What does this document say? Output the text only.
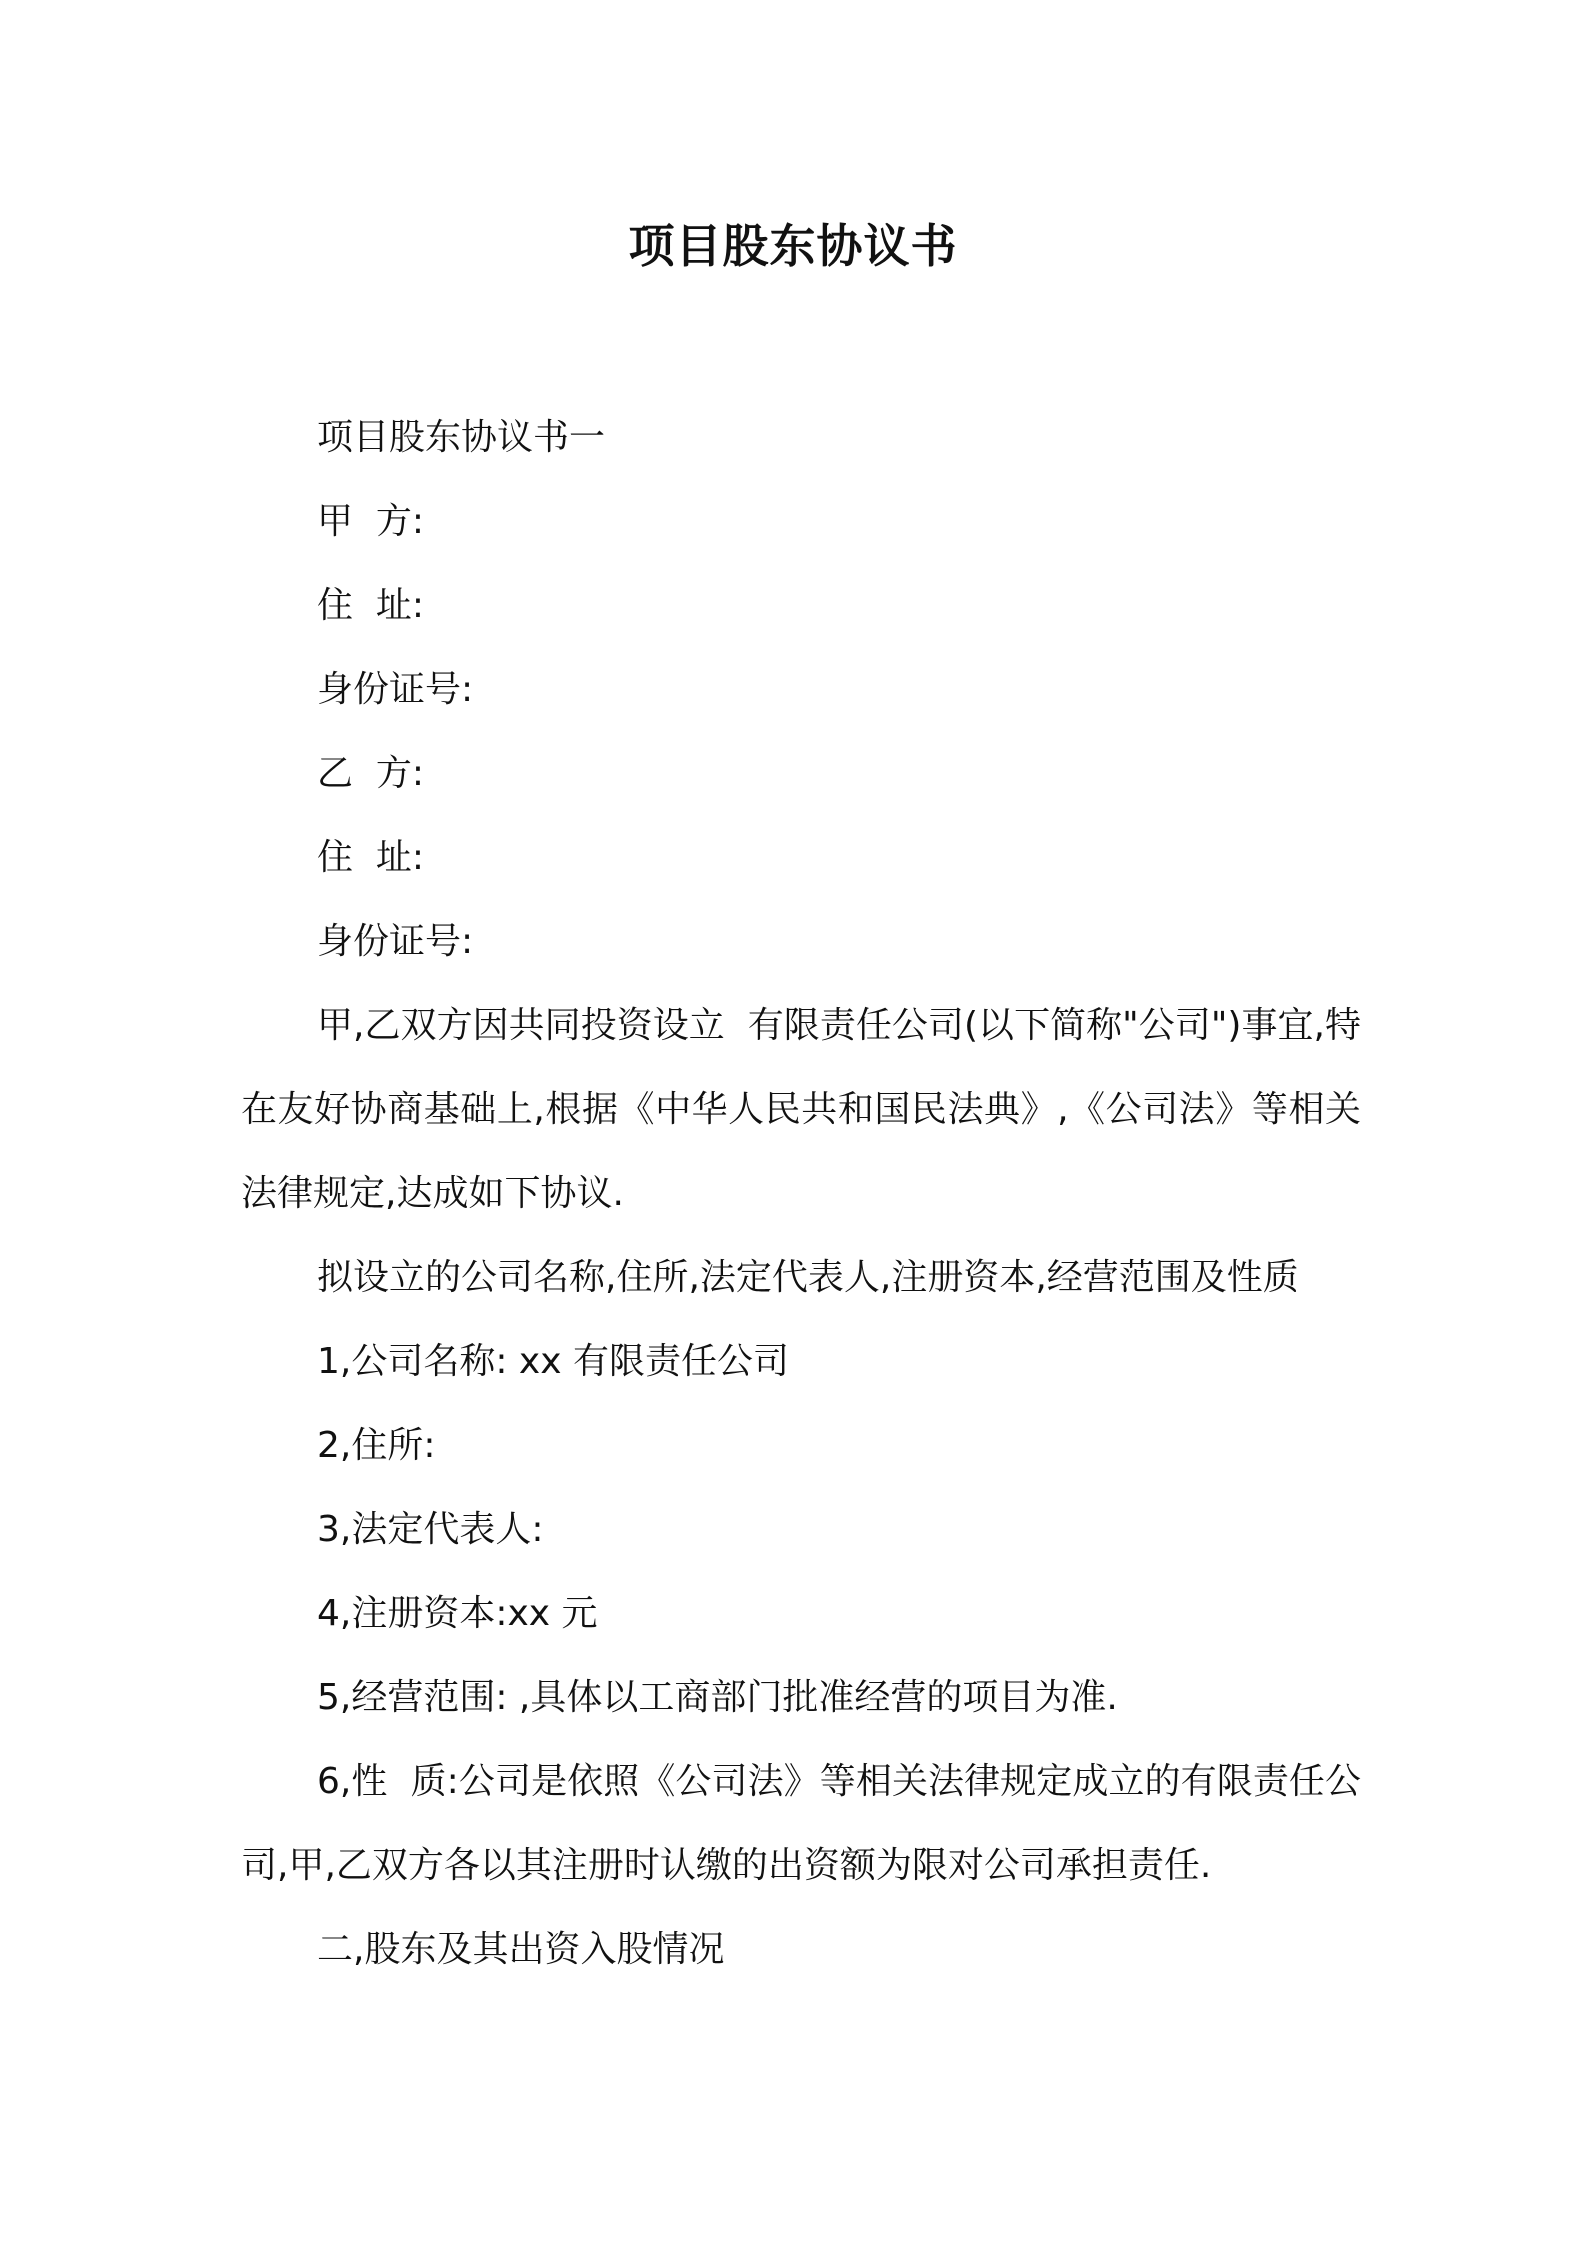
项目股东协议书
项目股东协议书一
甲  方:
住  址:
身份证号:
乙  方:
住  址:
身份证号:
甲,乙双方因共同投资设立  有限责任公司(以下简称"公司")事宜,特在友好协商基础上,根据《中华人民共和国民法典》,《公司法》等相关法律规定,达成如下协议.
拟设立的公司名称,住所,法定代表人,注册资本,经营范围及性质
1,公司名称: xx 有限责任公司
2,住所:
3,法定代表人:
4,注册资本:xx 元
5,经营范围: ,具体以工商部门批准经营的项目为准.
6,性  质:公司是依照《公司法》等相关法律规定成立的有限责任公司,甲,乙双方各以其注册时认缴的出资额为限对公司承担责任.
二,股东及其出资入股情况
